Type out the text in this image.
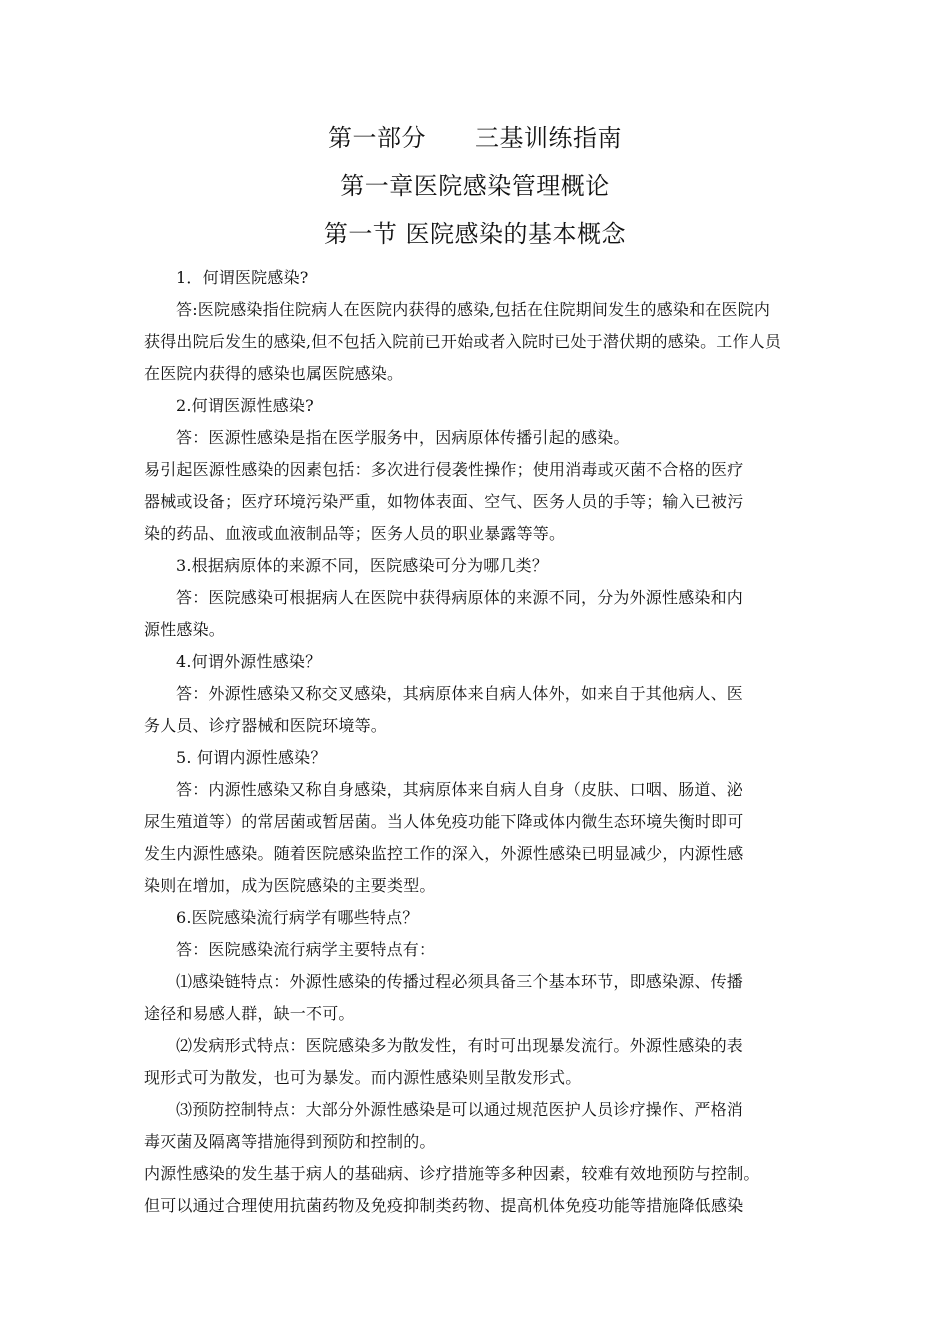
第一部分　　三基训练指南
第一章医院感染管理概论
第一节 医院感染的基本概念
1．何谓医院感染?
答:医院感染指住院病人在医院内获得的感染,包括在住院期间发生的感染和在医院内
获得出院后发生的感染,但不包括入院前已开始或者入院时已处于潜伏期的感染。工作人员
在医院内获得的感染也属医院感染。
2.何谓医源性感染?
答：医源性感染是指在医学服务中，因病原体传播引起的感染。
易引起医源性感染的因素包括：多次进行侵袭性操作；使用消毒或灭菌不合格的医疗
器械或设备；医疗环境污染严重，如物体表面、空气、医务人员的手等；输入已被污
染的药品、血液或血液制品等；医务人员的职业暴露等等。
3.根据病原体的来源不同，医院感染可分为哪几类？
答：医院感染可根据病人在医院中获得病原体的来源不同，分为外源性感染和内
源性感染。
4.何谓外源性感染？
答：外源性感染又称交叉感染，其病原体来自病人体外，如来自于其他病人、医
务人员、诊疗器械和医院环境等。
5. 何谓内源性感染？
答：内源性感染又称自身感染，其病原体来自病人自身（皮肤、口咽、肠道、泌
尿生殖道等）的常居菌或暂居菌。当人体免疫功能下降或体内微生态环境失衡时即可
发生内源性感染。随着医院感染监控工作的深入，外源性感染已明显减少，内源性感
染则在增加，成为医院感染的主要类型。
6.医院感染流行病学有哪些特点？
答：医院感染流行病学主要特点有：
⑴感染链特点：外源性感染的传播过程必须具备三个基本环节，即感染源、传播
途径和易感人群，缺一不可。
⑵发病形式特点：医院感染多为散发性，有时可出现暴发流行。外源性感染的表
现形式可为散发，也可为暴发。而内源性感染则呈散发形式。
⑶预防控制特点：大部分外源性感染是可以通过规范医护人员诊疗操作、严格消
毒灭菌及隔离等措施得到预防和控制的。
内源性感染的发生基于病人的基础病、诊疗措施等多种因素，较难有效地预防与控制。
但可以通过合理使用抗菌药物及免疫抑制类药物、提高机体免疫功能等措施降低感染
